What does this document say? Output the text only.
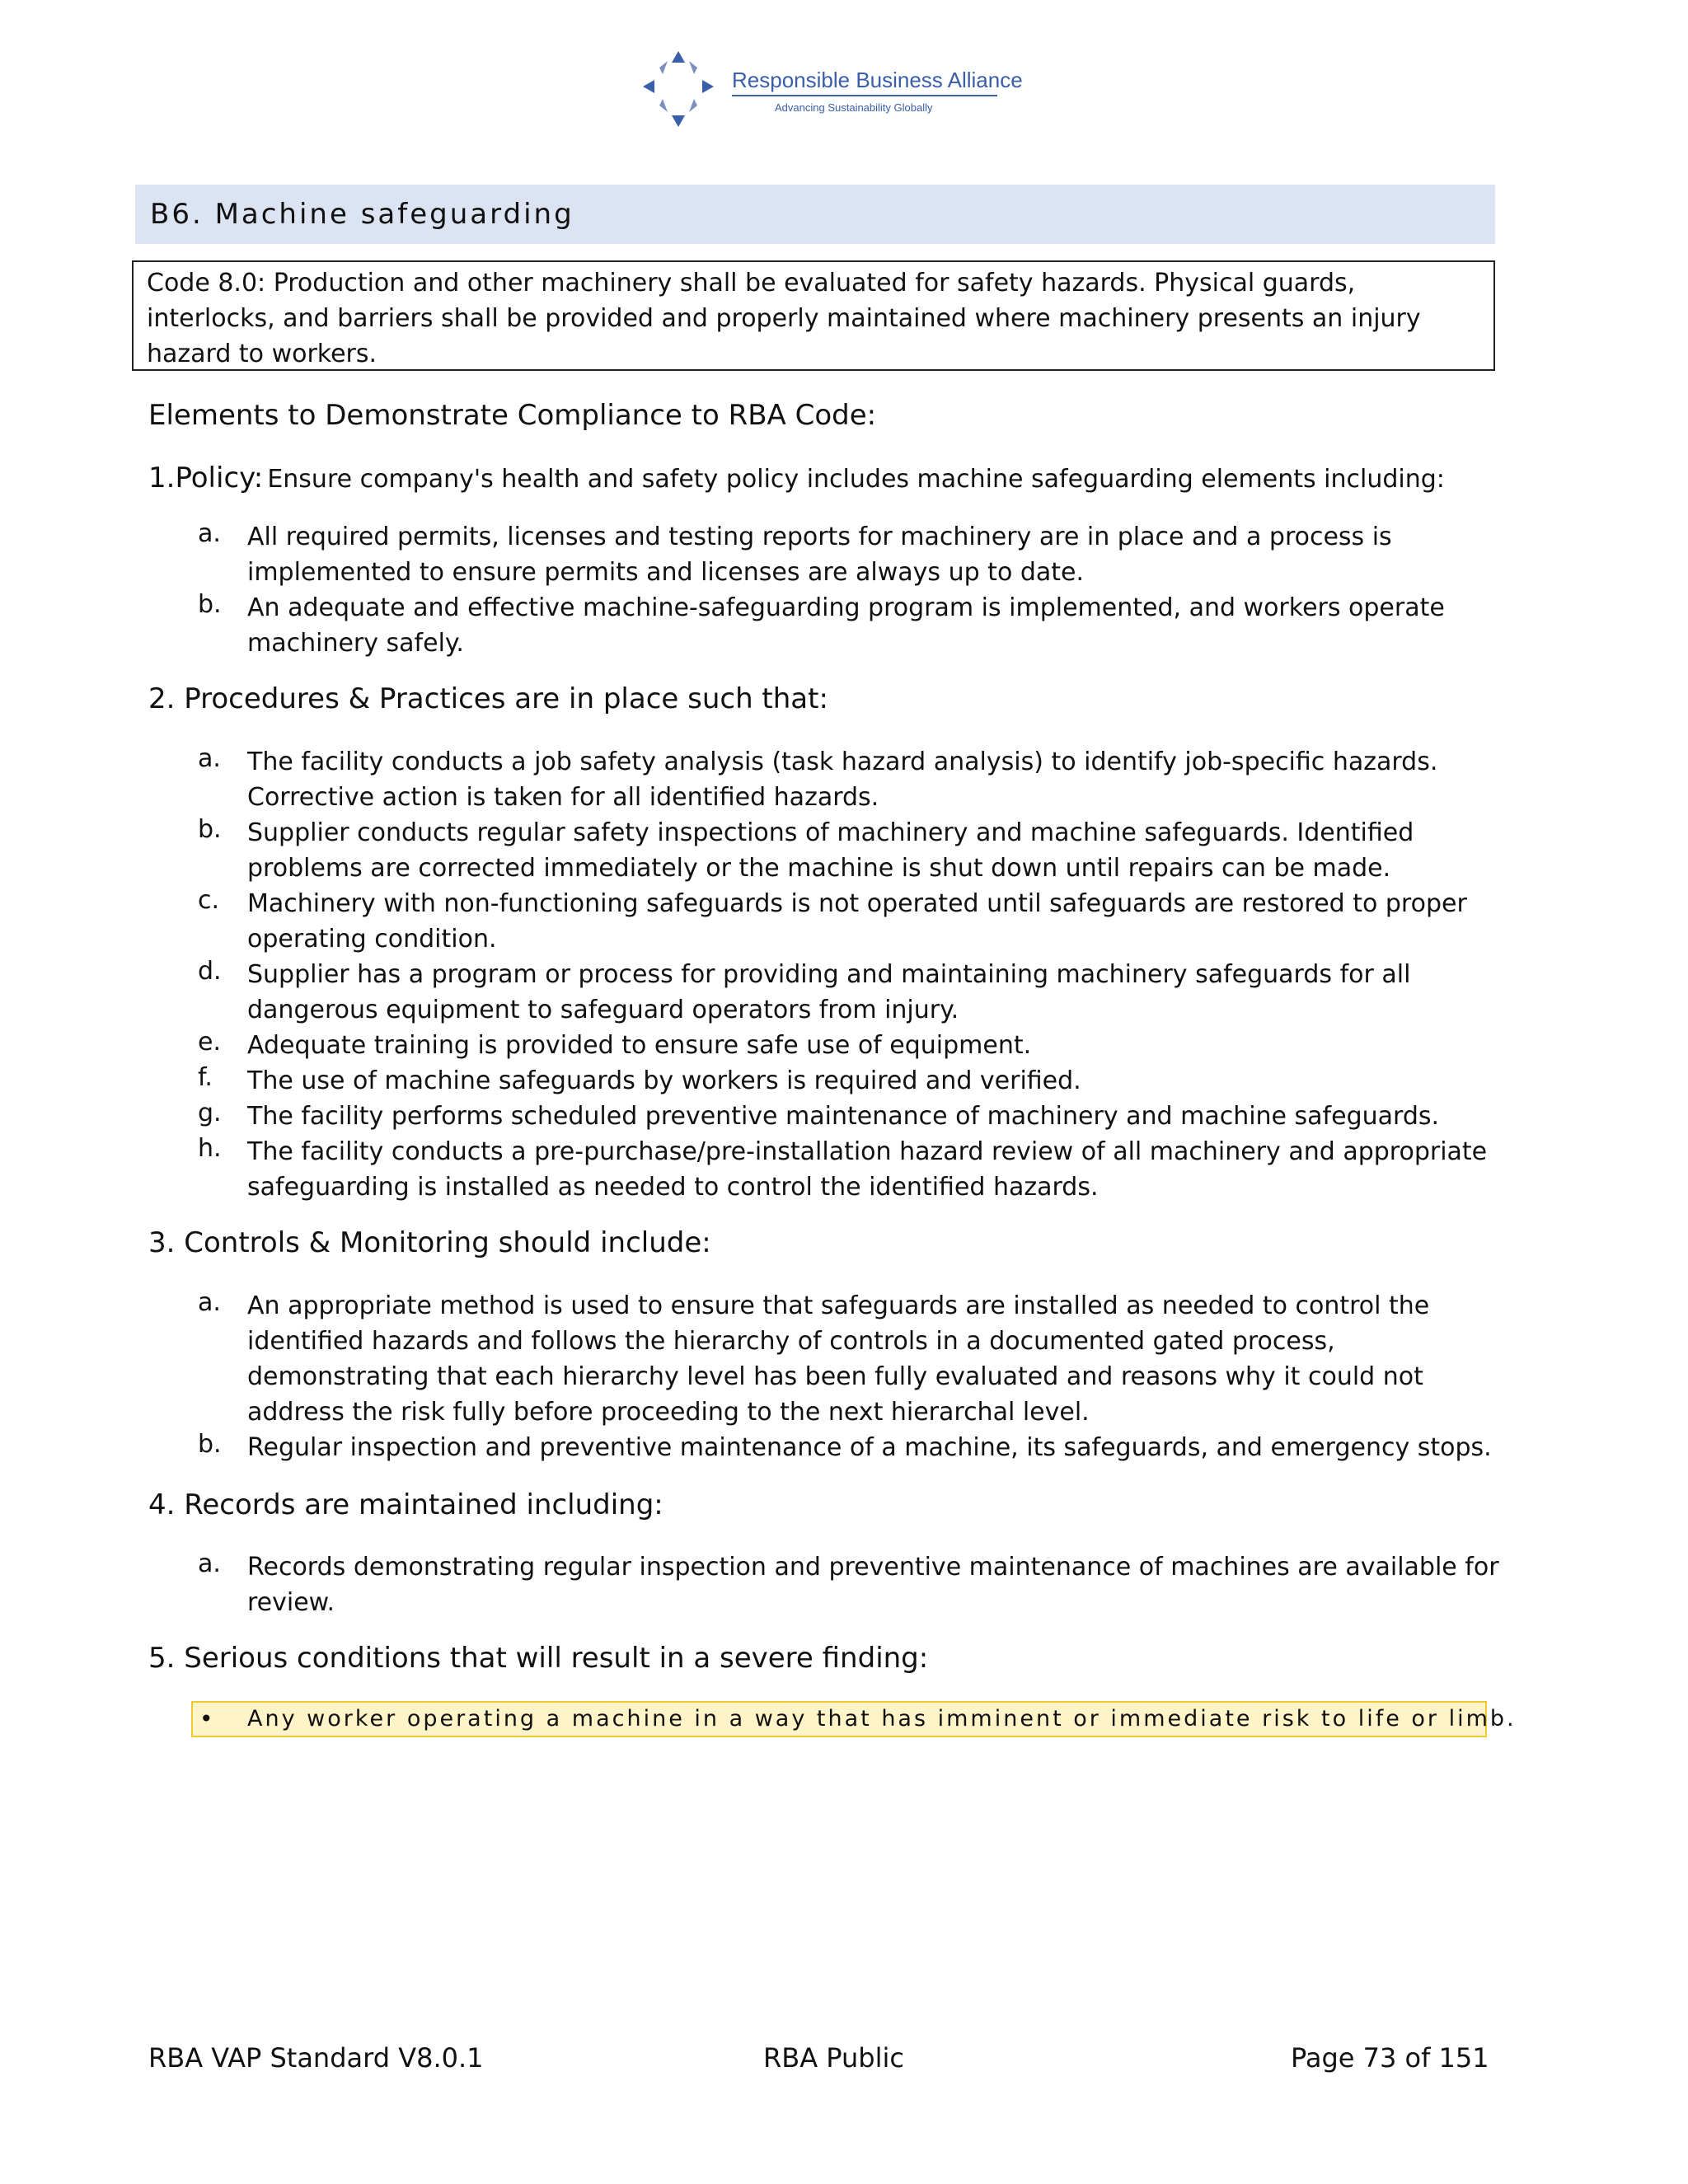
Responsible Business Alliance
Advancing Sustainability Globally
B6. Machine safeguarding
Code 8.0: Production and other machinery shall be evaluated for safety hazards. Physical guards, interlocks, and barriers shall be provided and properly maintained where machinery presents an injury hazard to workers.
Elements to Demonstrate Compliance to RBA Code:
1.Policy: Ensure company's health and safety policy includes machine safeguarding elements including:
a. All required permits, licenses and testing reports for machinery are in place and a process is implemented to ensure permits and licenses are always up to date.
b. An adequate and effective machine-safeguarding program is implemented, and workers operate machinery safely.
2. Procedures & Practices are in place such that:
a. The facility conducts a job safety analysis (task hazard analysis) to identify job-specific hazards. Corrective action is taken for all identified hazards.
b. Supplier conducts regular safety inspections of machinery and machine safeguards. Identified problems are corrected immediately or the machine is shut down until repairs can be made.
c. Machinery with non-functioning safeguards is not operated until safeguards are restored to proper operating condition.
d. Supplier has a program or process for providing and maintaining machinery safeguards for all dangerous equipment to safeguard operators from injury.
e. Adequate training is provided to ensure safe use of equipment.
f. The use of machine safeguards by workers is required and verified.
g. The facility performs scheduled preventive maintenance of machinery and machine safeguards.
h. The facility conducts a pre-purchase/pre-installation hazard review of all machinery and appropriate safeguarding is installed as needed to control the identified hazards.
3. Controls & Monitoring should include:
a. An appropriate method is used to ensure that safeguards are installed as needed to control the identified hazards and follows the hierarchy of controls in a documented gated process, demonstrating that each hierarchy level has been fully evaluated and reasons why it could not address the risk fully before proceeding to the next hierarchal level.
b. Regular inspection and preventive maintenance of a machine, its safeguards, and emergency stops.
4. Records are maintained including:
a. Records demonstrating regular inspection and preventive maintenance of machines are available for review.
5. Serious conditions that will result in a severe finding:
• Any worker operating a machine in a way that has imminent or immediate risk to life or limb.
RBA VAP Standard V8.0.1	RBA Public	Page 73 of 151
